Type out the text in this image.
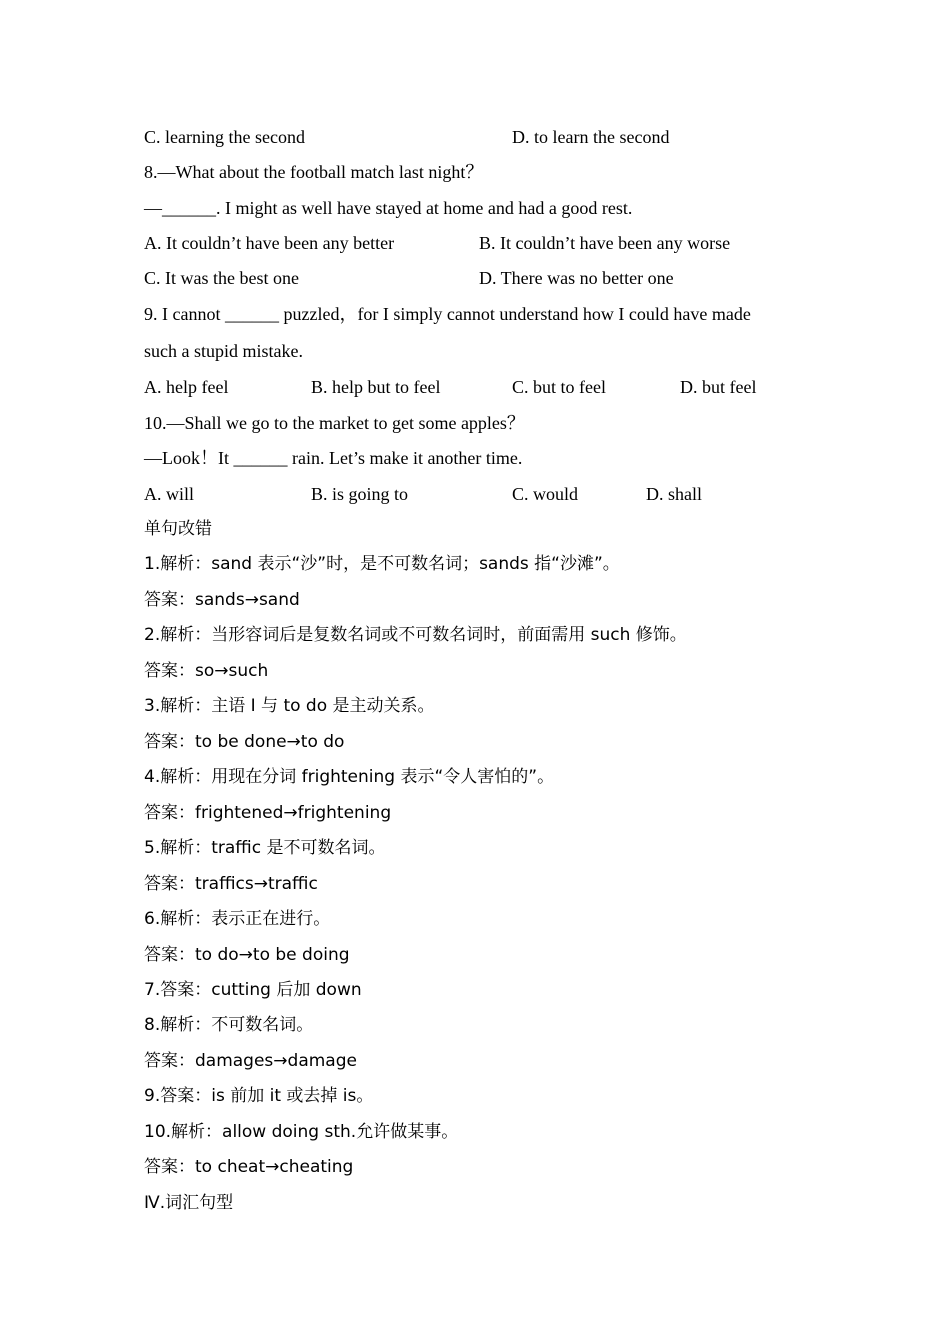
C. learning the second	D. to learn the second
8.—What about the football match last night？
—______. I might as well have stayed at home and had a good rest.
A. It couldn’t have been any better	B. It couldn’t have been any worse
C. It was the best one	D. There was no better one
9. I cannot ______ puzzled，for I simply cannot understand how I could have made
such a stupid mistake.
A. help feel	B. help but to feel	C. but to feel	D. but feel
10.—Shall we go to the market to get some apples？
—Look！It ______ rain. Let’s make it another time.
A. will	B. is going to	C. would	D. shall
单句改错
1.解析：sand 表示“沙”时，是不可数名词；sands 指“沙滩”。
答案：sands→sand
2.解析：当形容词后是复数名词或不可数名词时，前面需用 such 修饰。
答案：so→such
3.解析：主语 I 与 to do 是主动关系。
答案：to be done→to do
4.解析：用现在分词 frightening 表示“令人害怕的”。
答案：frightened→frightening
5.解析：traffic 是不可数名词。
答案：traffics→traffic
6.解析：表示正在进行。
答案：to do→to be doing
7.答案：cutting 后加 down
8.解析：不可数名词。
答案：damages→damage
9.答案：is 前加 it 或去掉 is。
10.解析：allow doing sth.允许做某事。
答案：to cheat→cheating
Ⅳ.词汇句型
